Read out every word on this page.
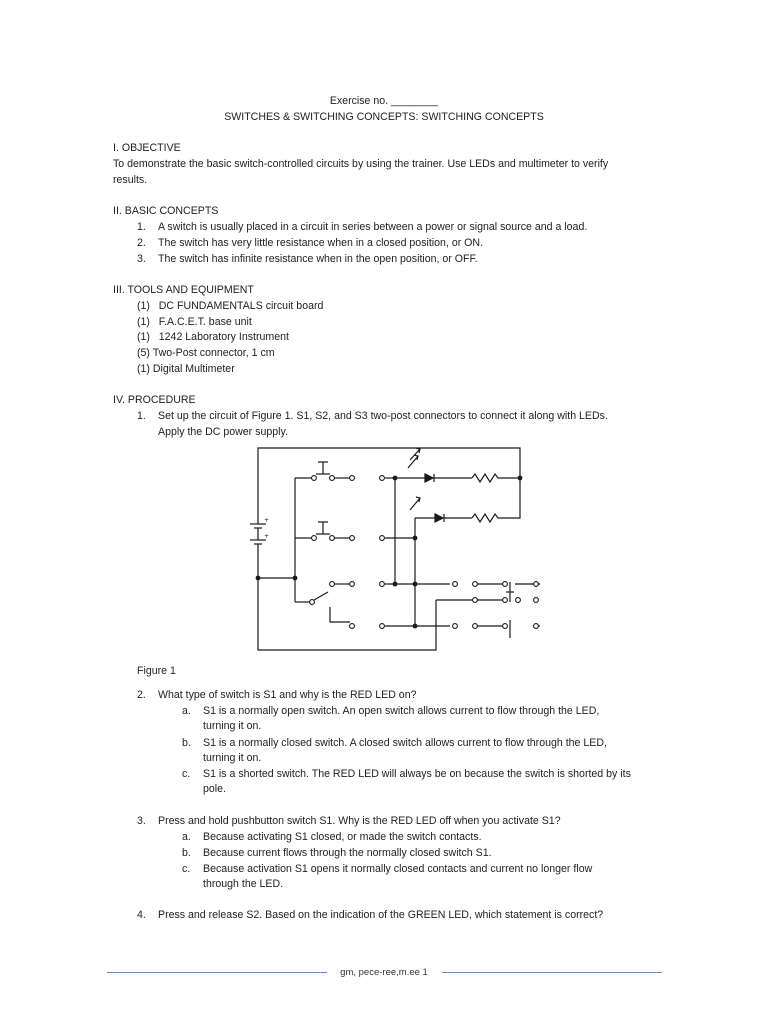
Exercise no. ________
SWITCHES & SWITCHING CONCEPTS: SWITCHING CONCEPTS
I. OBJECTIVE
To demonstrate the basic switch-controlled circuits by using the trainer. Use LEDs and multimeter to verify
results.
II. BASIC CONCEPTS
1. A switch is usually placed in a circuit in series between a power or signal source and a load.
2. The switch has very little resistance when in a closed position, or ON.
3. The switch has infinite resistance when in the open position, or OFF.
III. TOOLS AND EQUIPMENT
(1)   DC FUNDAMENTALS circuit board
(1)   F.A.C.E.T. base unit
(1)   1242 Laboratory Instrument
(5) Two-Post connector, 1 cm
(1) Digital Multimeter
IV. PROCEDURE
1. Set up the circuit of Figure 1. S1, S2, and S3 two-post connectors to connect it along with LEDs.
Apply the DC power supply.
+
+
Figure 1
2. What type of switch is S1 and why is the RED LED on?
a. S1 is a normally open switch. An open switch allows current to flow through the LED,
turning it on.
b. S1 is a normally closed switch. A closed switch allows current to flow through the LED,
turning it on.
c. S1 is a shorted switch. The RED LED will always be on because the switch is shorted by its
pole.
3. Press and hold pushbutton switch S1. Why is the RED LED off when you activate S1?
a. Because activating S1 closed, or made the switch contacts.
b. Because current flows through the normally closed switch S1.
c. Because activation S1 opens it normally closed contacts and current no longer flow
through the LED.
4. Press and release S2. Based on the indication of the GREEN LED, which statement is correct?
gm, pece-ree,m.ee 1
